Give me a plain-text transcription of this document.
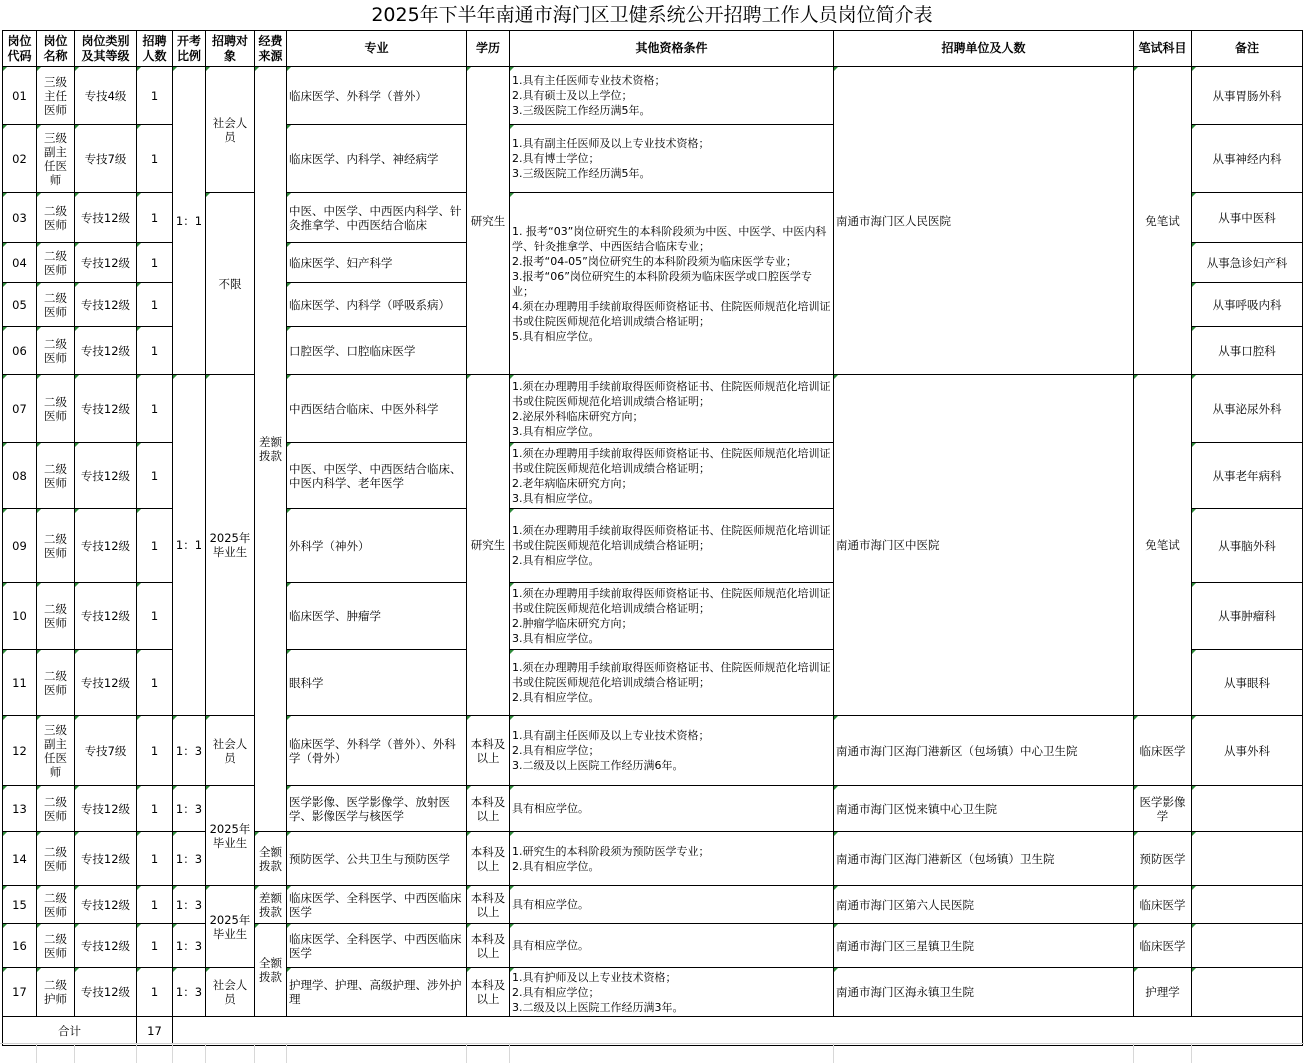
2025年下半年南通市海门区卫健系统公开招聘工作人员岗位简介表
岗位代码	岗位名称	岗位类别及其等级	招聘人数	开考比例	招聘对象	经费来源	专业	学历	其他资格条件	招聘单位及人数	笔试科目	备注
01	三级主任医师	专技4级	1	1：1	社会人员	差额拨款	临床医学、外科学（普外）	研究生	1.具有主任医师专业技术资格；
2.具有硕士及以上学位；
3.三级医院工作经历满5年。	南通市海门区人民医院	免笔试	从事胃肠外科
02	三级副主任医师	专技7级	1				临床医学、内科学、神经病学		1.具有副主任医师及以上专业技术资格；
2.具有博士学位；
3.三级医院工作经历满5年。			从事神经内科
03	二级医师	专技12级	1		不限		中医、中医学、中西医内科学、针灸推拿学、中西医结合临床		1. 报考“03”岗位研究生的本科阶段须为中医、中医学、中医内科学、针灸推拿学、中西医结合临床专业；
2.报考“04-05”岗位研究生的本科阶段须为临床医学专业；
3.报考“06”岗位研究生的本科阶段须为临床医学或口腔医学专业；
4.须在办理聘用手续前取得医师资格证书、住院医师规范化培训证书或住院医师规范化培训成绩合格证明；
5.具有相应学位。			从事中医科
04	二级医师	专技12级	1				临床医学、妇产科学					从事急诊妇产科
05	二级医师	专技12级	1				临床医学、内科学（呼吸系病）					从事呼吸内科
06	二级医师	专技12级	1				口腔医学、口腔临床医学					从事口腔科
07	二级医师	专技12级	1	1：1	2025年毕业生		中西医结合临床、中医外科学	研究生	1.须在办理聘用手续前取得医师资格证书、住院医师规范化培训证书或住院医师规范化培训成绩合格证明；
2.泌尿外科临床研究方向；
3.具有相应学位。	南通市海门区中医院	免笔试	从事泌尿外科
08	二级医师	专技12级	1				中医、中医学、中西医结合临床、中医内科学、老年医学		1.须在办理聘用手续前取得医师资格证书、住院医师规范化培训证书或住院医师规范化培训成绩合格证明；
2.老年病临床研究方向；
3.具有相应学位。			从事老年病科
09	二级医师	专技12级	1				外科学（神外）		1.须在办理聘用手续前取得医师资格证书、住院医师规范化培训证书或住院医师规范化培训成绩合格证明；
2.具有相应学位。			从事脑外科
10	二级医师	专技12级	1				临床医学、肿瘤学		1.须在办理聘用手续前取得医师资格证书、住院医师规范化培训证书或住院医师规范化培训成绩合格证明；
2.肿瘤学临床研究方向；
3.具有相应学位。			从事肿瘤科
11	二级医师	专技12级	1				眼科学		1.须在办理聘用手续前取得医师资格证书、住院医师规范化培训证书或住院医师规范化培训成绩合格证明；
2.具有相应学位。			从事眼科
12	三级副主任医师	专技7级	1	1：3	社会人员		临床医学、外科学（普外）、外科学（骨外）	本科及以上	1.具有副主任医师及以上专业技术资格；
2.具有相应学位；
3.二级及以上医院工作经历满6年。	南通市海门区海门港新区（包场镇）中心卫生院	临床医学	从事外科
13	二级医师	专技12级	1	1：3	2025年毕业生		医学影像、医学影像学、放射医学、影像医学与核医学	本科及以上	具有相应学位。	南通市海门区悦来镇中心卫生院	医学影像学	
14	二级医师	专技12级	1	1：3		全额拨款	预防医学、公共卫生与预防医学	本科及以上	1.研究生的本科阶段须为预防医学专业；
2.具有相应学位。	南通市海门区海门港新区（包场镇）卫生院	预防医学	
15	二级医师	专技12级	1	1：3	2025年毕业生	差额拨款	临床医学、全科医学、中西医临床医学	本科及以上	具有相应学位。	南通市海门区第六人民医院	临床医学	
16	二级医师	专技12级	1	1：3		全额拨款	临床医学、全科医学、中西医临床医学	本科及以上	具有相应学位。	南通市海门区三星镇卫生院	临床医学	
17	二级护师	专技12级	1	1：3	社会人员		护理学、护理、高级护理、涉外护理	本科及以上	1.具有护师及以上专业技术资格；
2.具有相应学位；
3.二级及以上医院工作经历满3年。	南通市海门区海永镇卫生院	护理学	
合计			17									
